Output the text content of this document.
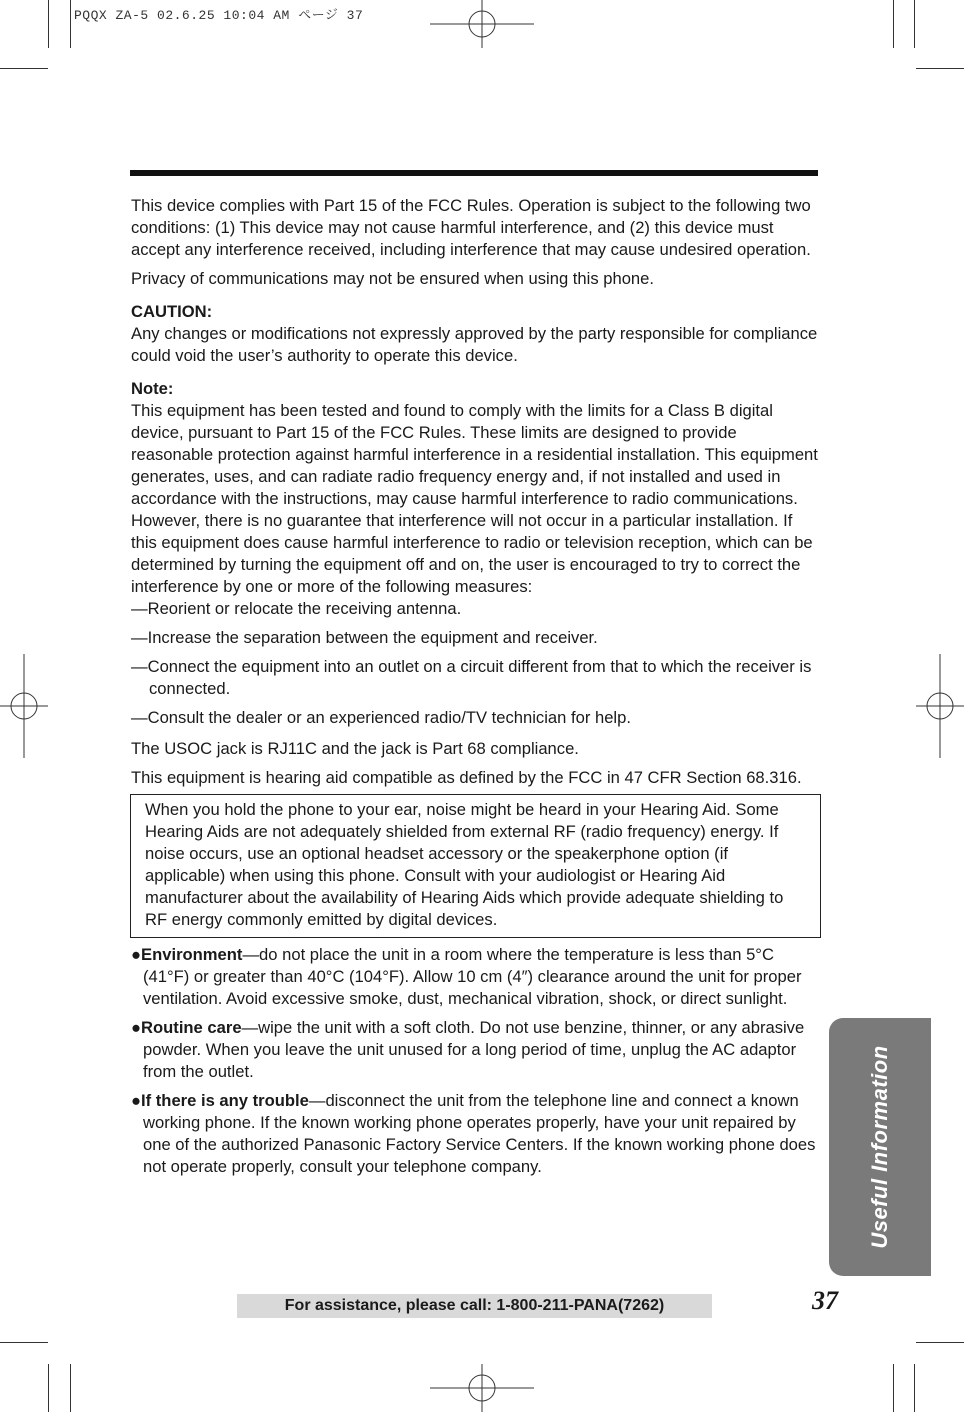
PQQX ZA-5 02.6.25 10:04 AM ページ 37

This device complies with Part 15 of the FCC Rules. Operation is subject to the following two conditions: (1) This device may not cause harmful interference, and (2) this device must accept any interference received, including interference that may cause undesired operation.

Privacy of communications may not be ensured when using this phone.

CAUTION:

Any changes or modifications not expressly approved by the party responsible for compliance could void the user’s authority to operate this device.

Note:

This equipment has been tested and found to comply with the limits for a Class B digital device, pursuant to Part 15 of the FCC Rules. These limits are designed to provide reasonable protection against harmful interference in a residential installation. This equipment generates, uses, and can radiate radio frequency energy and, if not installed and used in accordance with the instructions, may cause harmful interference to radio communications. However, there is no guarantee that interference will not occur in a particular installation. If this equipment does cause harmful interference to radio or television reception, which can be determined by turning the equipment off and on, the user is encouraged to try to correct the interference by one or more of the following measures:

—Reorient or relocate the receiving antenna.

—Increase the separation between the equipment and receiver.

—Connect the equipment into an outlet on a circuit different from that to which the receiver is connected.

—Consult the dealer or an experienced radio/TV technician for help.

The USOC jack is RJ11C and the jack is Part 68 compliance.

This equipment is hearing aid compatible as defined by the FCC in 47 CFR Section 68.316.

When you hold the phone to your ear, noise might be heard in your Hearing Aid. Some Hearing Aids are not adequately shielded from external RF (radio frequency) energy. If noise occurs, use an optional headset accessory or the speakerphone option (if applicable) when using this phone. Consult with your audiologist or Hearing Aid manufacturer about the availability of Hearing Aids which provide adequate shielding to RF energy commonly emitted by digital devices.

●Environment—do not place the unit in a room where the temperature is less than 5°C (41°F) or greater than 40°C (104°F). Allow 10 cm (4″) clearance around the unit for proper ventilation. Avoid excessive smoke, dust, mechanical vibration, shock, or direct sunlight.

●Routine care—wipe the unit with a soft cloth. Do not use benzine, thinner, or any abrasive powder. When you leave the unit unused for a long period of time, unplug the AC adaptor from the outlet.

●If there is any trouble—disconnect the unit from the telephone line and connect a known working phone. If the known working phone operates properly, have your unit repaired by one of the authorized Panasonic Factory Service Centers. If the known working phone does not operate properly, consult your telephone company.	Useful Information
For assistance, please call: 1-800-211-PANA(7262)	37
